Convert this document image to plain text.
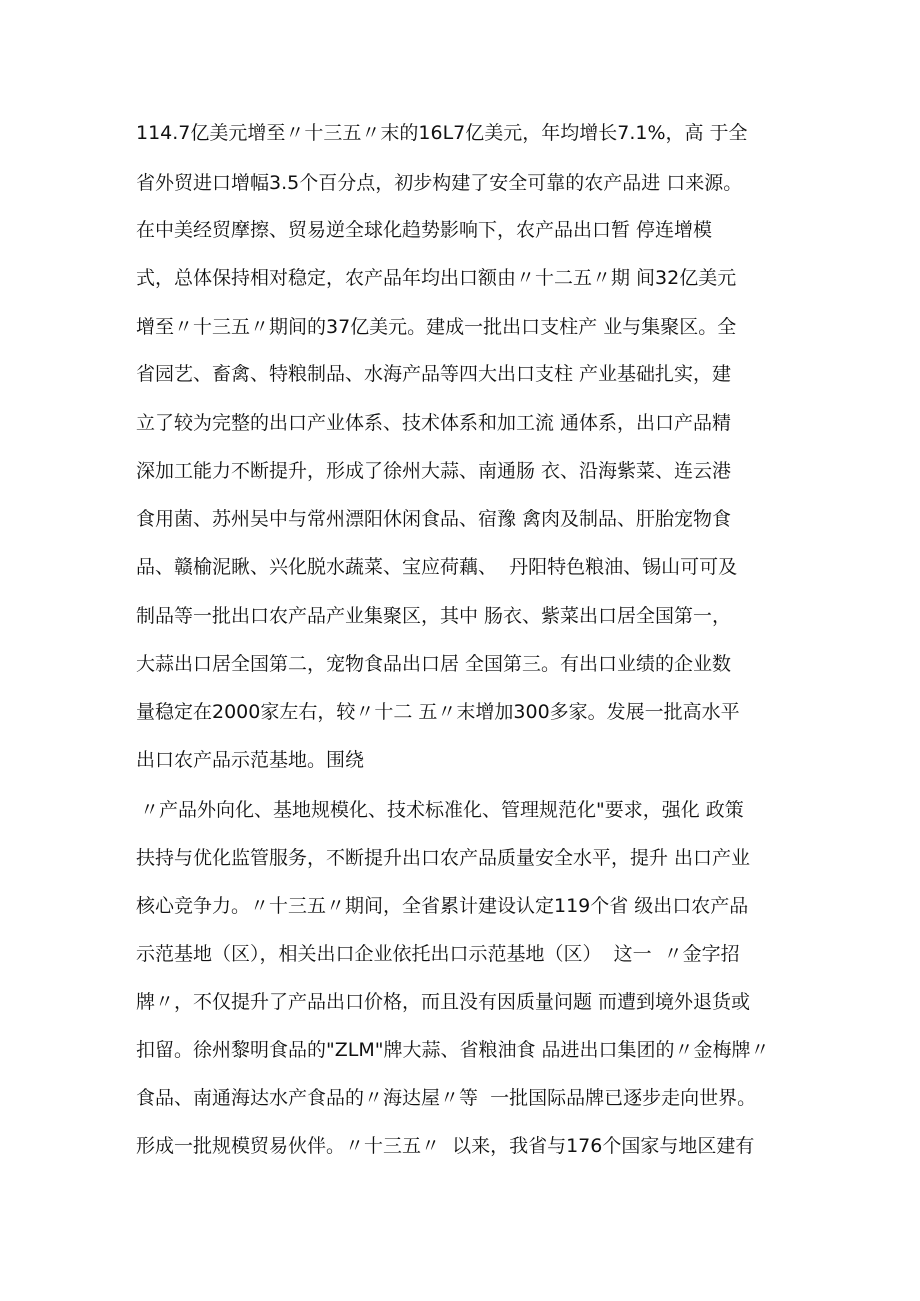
114.7亿美元增至〃十三五〃末的16L7亿美元，年均增长7.1%，高 于全

省外贸进口增幅3.5个百分点，初步构建了安全可靠的农产品进 口来源。

在中美经贸摩擦、贸易逆全球化趋势影响下，农产品出口暂 停连增模

式，总体保持相对稳定，农产品年均出口额由〃十二五〃期 间32亿美元

增至〃十三五〃期间的37亿美元。建成一批出口支柱产 业与集聚区。全

省园艺、畜禽、特粮制品、水海产品等四大出口支柱 产业基础扎实，建

立了较为完整的出口产业体系、技术体系和加工流 通体系，出口产品精

深加工能力不断提升，形成了徐州大蒜、南通肠 衣、沿海紫菜、连云港

食用菌、苏州吴中与常州漂阳休闲食品、宿豫 禽肉及制品、肝胎宠物食

品、赣榆泥瞅、兴化脱水蔬菜、宝应荷藕、  丹阳特色粮油、锡山可可及

制品等一批出口农产品产业集聚区，其中 肠衣、紫菜出口居全国第一，

大蒜出口居全国第二，宠物食品出口居 全国第三。有出口业绩的企业数

量稳定在2000家左右，较〃十二 五〃末增加300多家。发展一批高水平

出口农产品示范基地。围绕

〃产品外向化、基地规模化、技术标准化、管理规范化"要求，强化 政策

扶持与优化监管服务，不断提升出口农产品质量安全水平，提升 出口产业

核心竞争力。〃十三五〃期间，全省累计建设认定119个省 级出口农产品

示范基地（区），相关出口企业依托出口示范基地（区）  这一  〃金字招

牌〃，不仅提升了产品出口价格，而且没有因质量问题 而遭到境外退货或

扣留。徐州黎明食品的"ZLM"牌大蒜、省粮油食 品进出口集团的〃金梅牌〃

食品、南通海达水产食品的〃海达屋〃等  一批国际品牌已逐步走向世界。

形成一批规模贸易伙伴。〃十三五〃  以来，我省与176个国家与地区建有
